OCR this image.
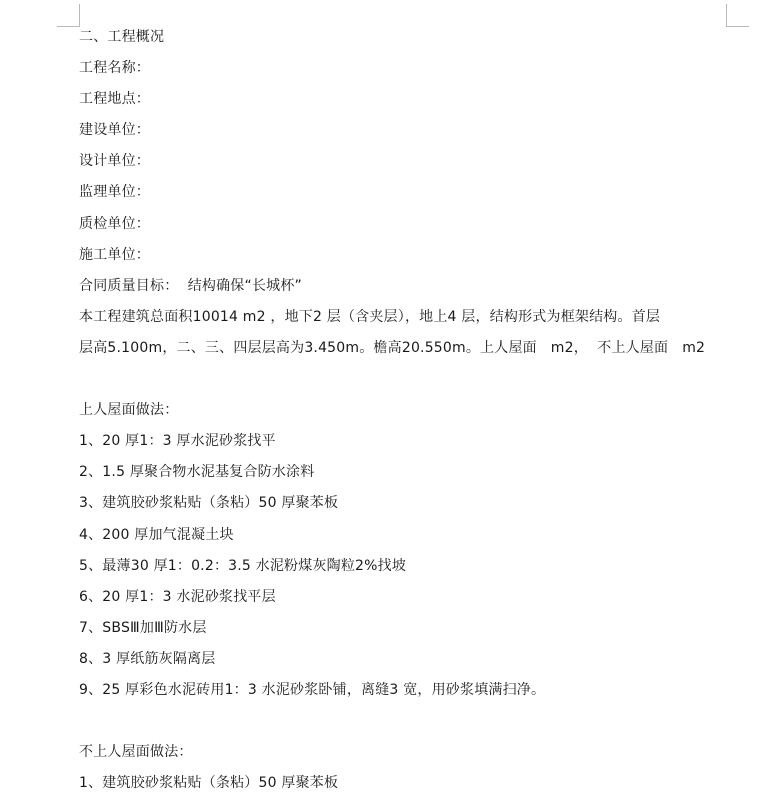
二、工程概况
工程名称：
工程地点：
建设单位：
设计单位：
监理单位：
质检单位：
施工单位：
合同质量目标：  结构确保“长城杯”
本工程建筑总面积10014 m2 ，地下2 层（含夹层），地上4 层，结构形式为框架结构。首层
层高5.100m，二、三、四层层高为3.450m。檐高20.550m。上人屋面   m2，  不上人屋面   m2
上人屋面做法：
1、20 厚1：3 厚水泥砂浆找平
2、1.5 厚聚合物水泥基复合防水涂料
3、建筑胶砂浆粘贴（条粘）50 厚聚苯板
4、200 厚加气混凝土块
5、最薄30 厚1：0.2：3.5 水泥粉煤灰陶粒2%找坡
6、20 厚1：3 水泥砂浆找平层
7、SBSⅢ加Ⅲ防水层
8、3 厚纸筋灰隔离层
9、25 厚彩色水泥砖用1：3 水泥砂浆卧铺，离缝3 宽，用砂浆填满扫净。
不上人屋面做法：
1、建筑胶砂浆粘贴（条粘）50 厚聚苯板
